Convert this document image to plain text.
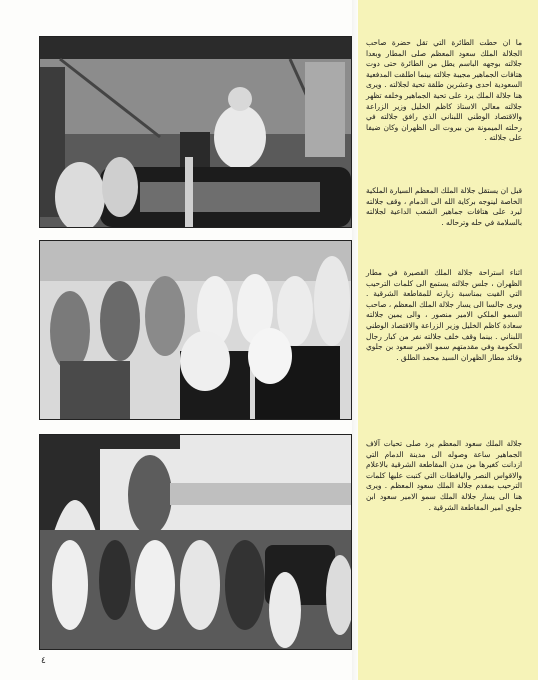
ما ان حطت الطائرة التي تقل حضرة صاحب الجلالة الملك سعود المعظم صلى المطار وبعدا جلالته بوجهه الباسم يطل من الطائرة حتى دوت هتافات الجماهير مجيبة جلالته بينما اطلقت المدفعية السعودية احدى وعشرين طلقة تحية لجلالته . ويرى هنا جلالة الملك يرد على تحية الجماهير وخلفه تظهر جلالته معالي الاستاذ كاظم الخليل وزير الزراعة والاقتصاد الوطني اللبناني الذي رافق جلالته في رحلته الميمونة من بيروت الى الظهران وكان ضيفا على جلالته .
قبل ان يستقل جلالة الملك المعظم السيارة الملكية الخاصة لينوجه بركاية الله الى الدمام ، وقف جلالته ليرد على هتافات جماهير الشعب الداعية لجلالته بالسلامة في حله وترحاله .
اثناء استراحة جلالة الملك القصيرة في مطار الظهران ، جلس جلالته يستمع الى كلمات الترحيب التي القيت بمناسبة زيارته للمقاطعة الشرقية . ويرى جالسا الى يسار جلالة الملك المعظم ، صاحب السمو الملكي الامير منصور ، والى يمين جلالته سعادة كاظم الخليل وزير الزراعة والاقتصاد الوطني اللبناني . بينما وقف خلف جلالته نفر من كبار رجال الحكومة وفي مقدمتهم سمو الامير سعود بن جلوي وقائد مطار الظهران السيد محمد الطلق .
جلالة الملك سعود المعظم يرد صلى تحيات آلاف الجماهير ساعة وصوله الى مدينة الدمام التي ازدانت كغيرها من مدن المقاطعة الشرقية بالاعلام والاقواس النصر واليافطات التي كتبت عليها كلمات الترحيب بمقدم جلالة الملك سعود المعظم . ويرى هنا الى يسار جلالة الملك سمو الامير سعود ابن جلوي امير المقاطعة الشرقية .
٤
